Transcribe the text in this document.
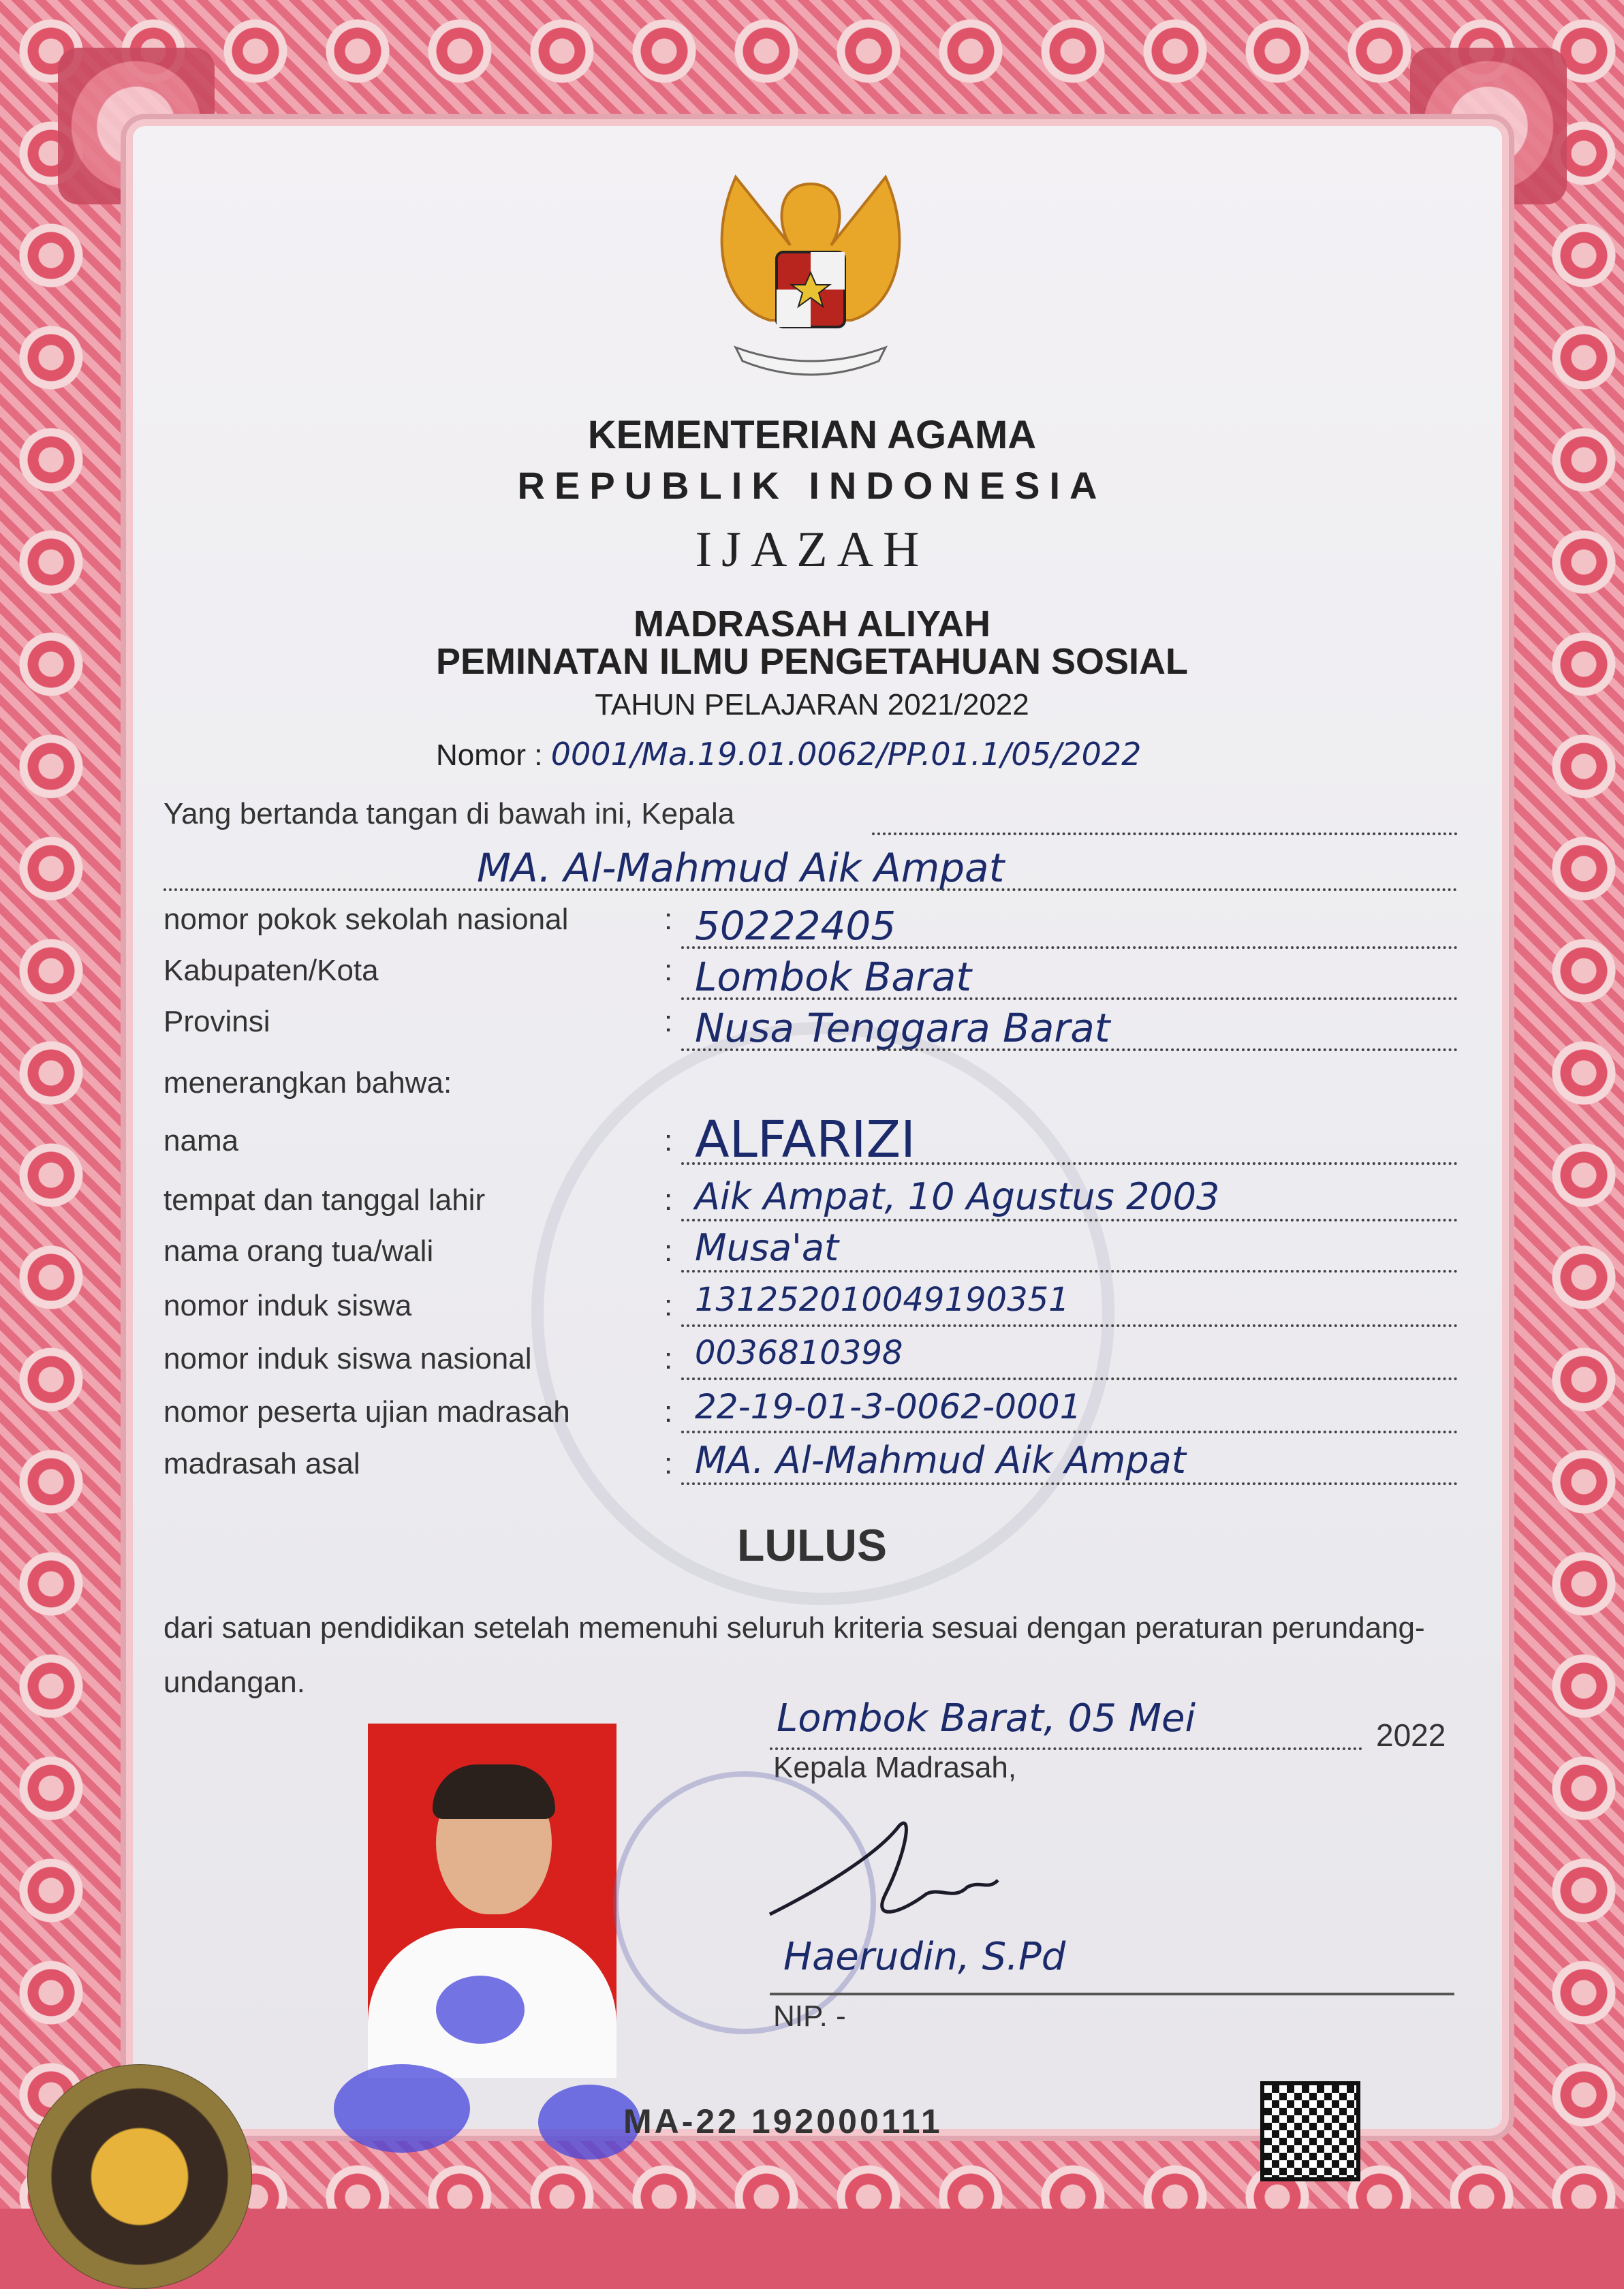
KEMENTERIAN AGAMA
REPUBLIK INDONESIA
IJAZAH
MADRASAH ALIYAH
PEMINATAN ILMU PENGETAHUAN SOSIAL
TAHUN PELAJARAN 2021/2022
Nomor : 0001/Ma.19.01.0062/PP.01.1/05/2022
Yang bertanda tangan di bawah ini, Kepala
MA. Al-Mahmud Aik Ampat
nomor pokok sekolah nasional	: 50222405
Kabupaten/Kota	: Lombok Barat
Provinsi	: Nusa Tenggara Barat
menerangkan bahwa:
nama	: ALFARIZI
tempat dan tanggal lahir	: Aik Ampat, 10 Agustus 2003
nama orang tua/wali	: Musa'at
nomor induk siswa	: 131252010049190351
nomor induk siswa nasional	: 0036810398
nomor peserta ujian madrasah	: 22-19-01-3-0062-0001
madrasah asal	: MA. Al-Mahmud Aik Ampat
LULUS
dari satuan pendidikan setelah memenuhi seluruh kriteria sesuai dengan peraturan perundang-undangan.
Lombok Barat, 05 Mei	2022
Kepala Madrasah,
Haerudin, S.Pd
NIP. -
MA-22 192000111
